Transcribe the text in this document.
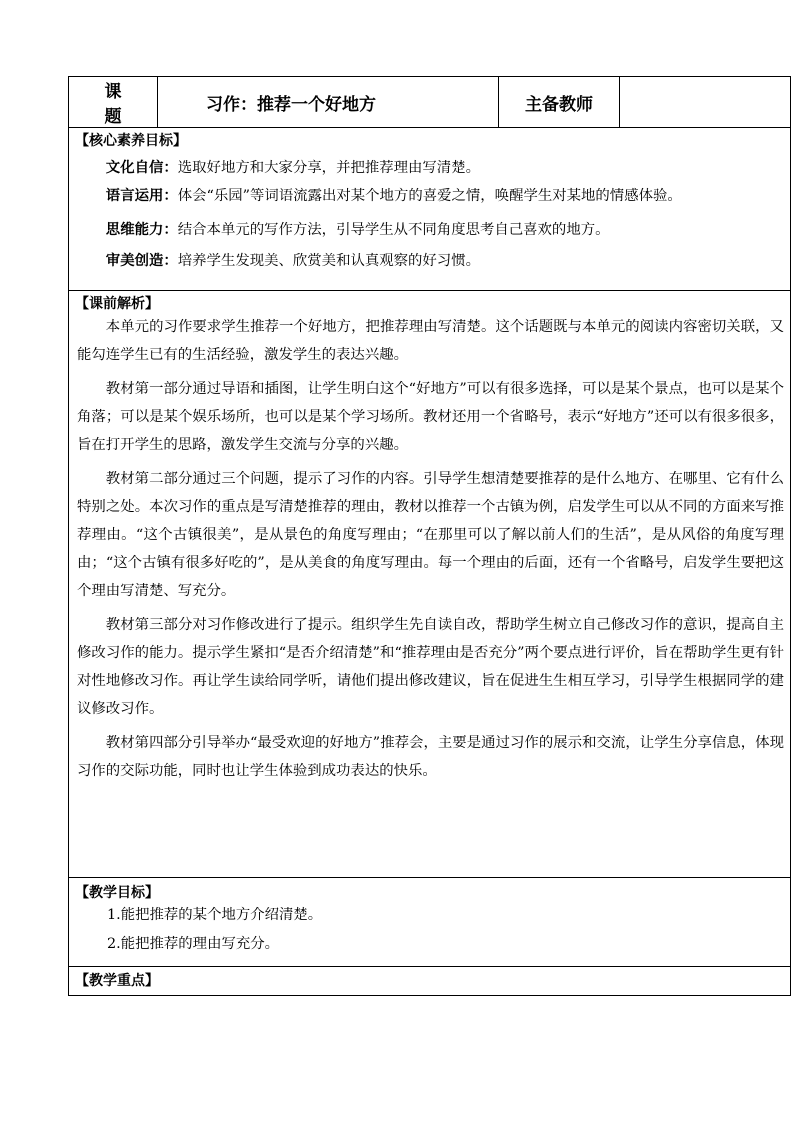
课 题	习作：推荐一个好地方	主备教师	

【核心素养目标】
文化自信：选取好地方和大家分享，并把推荐理由写清楚。
语言运用：体会“乐园”等词语流露出对某个地方的喜爱之情，唤醒学生对某地的情感体验。
思维能力：结合本单元的写作方法，引导学生从不同角度思考自己喜欢的地方。
审美创造：培养学生发现美、欣赏美和认真观察的好习惯。

【课前解析】
本单元的习作要求学生推荐一个好地方，把推荐理由写清楚。这个话题既与本单元的阅读内容密切关联，又能勾连学生已有的生活经验，激发学生的表达兴趣。
教材第一部分通过导语和插图，让学生明白这个“好地方”可以有很多选择，可以是某个景点，也可以是某个角落；可以是某个娱乐场所，也可以是某个学习场所。教材还用一个省略号，表示“好地方”还可以有很多很多，旨在打开学生的思路，激发学生交流与分享的兴趣。
教材第二部分通过三个问题，提示了习作的内容。引导学生想清楚要推荐的是什么地方、在哪里、它有什么特别之处。本次习作的重点是写清楚推荐的理由，教材以推荐一个古镇为例，启发学生可以从不同的方面来写推荐理由。“这个古镇很美”，是从景色的角度写理由；“在那里可以了解以前人们的生活”，是从风俗的角度写理由；“这个古镇有很多好吃的”，是从美食的角度写理由。每一个理由的后面，还有一个省略号，启发学生要把这个理由写清楚、写充分。
教材第三部分对习作修改进行了提示。组织学生先自读自改，帮助学生树立自己修改习作的意识，提高自主修改习作的能力。提示学生紧扣“是否介绍清楚”和“推荐理由是否充分”两个要点进行评价，旨在帮助学生更有针对性地修改习作。再让学生读给同学听，请他们提出修改建议，旨在促进生生相互学习，引导学生根据同学的建议修改习作。
教材第四部分引导举办“最受欢迎的好地方”推荐会，主要是通过习作的展示和交流，让学生分享信息，体现习作的交际功能，同时也让学生体验到成功表达的快乐。

【教学目标】
1.能把推荐的某个地方介绍清楚。
2.能把推荐的理由写充分。

【教学重点】
